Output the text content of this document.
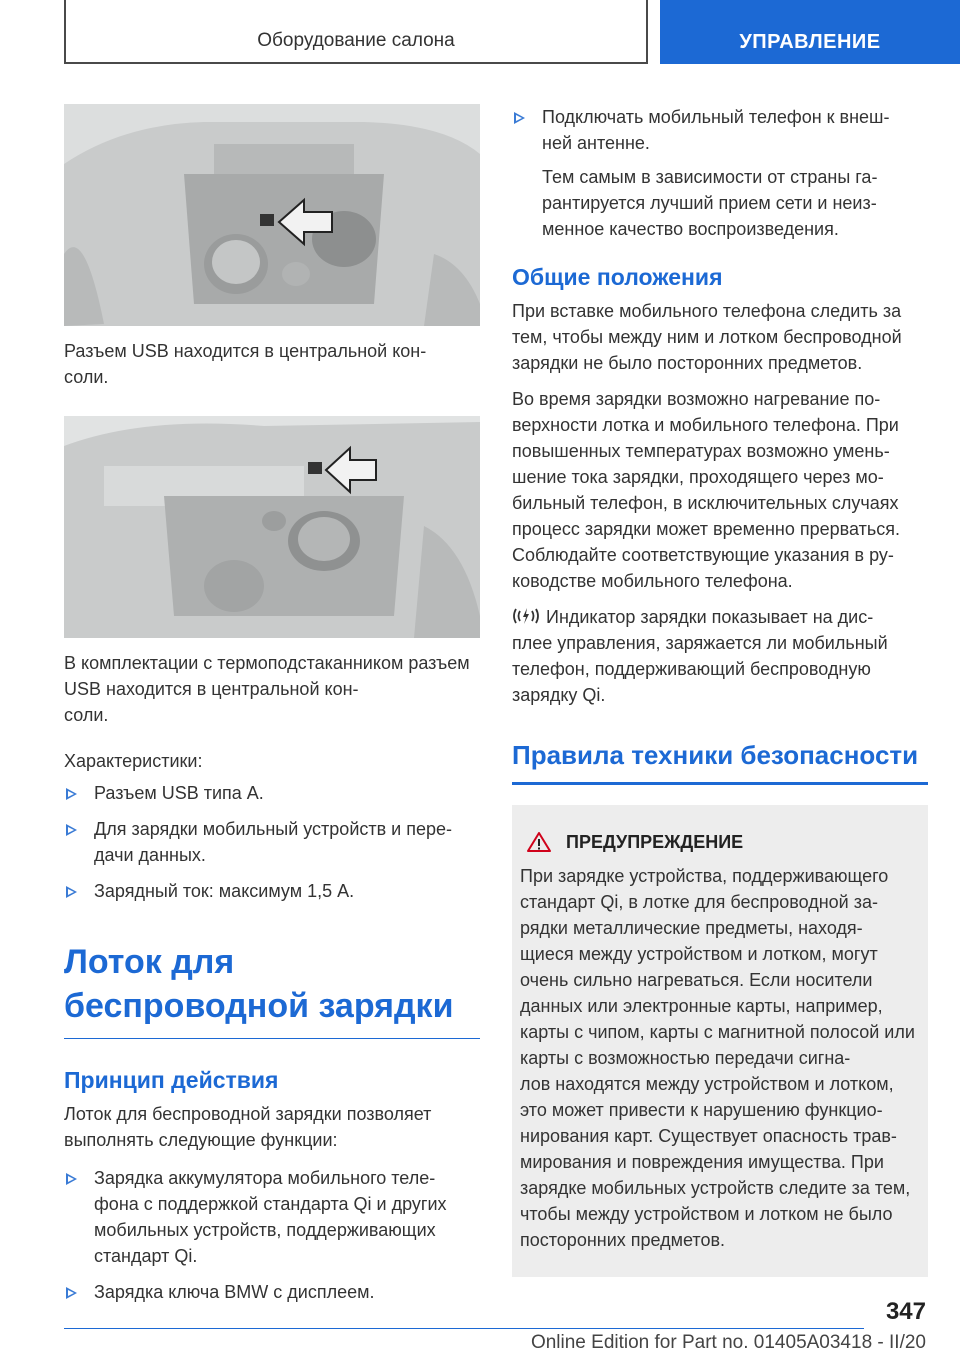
Оборудование салона	УПРАВЛЕНИЕ

Разъем USB находится в центральной кон-
соли.

В комплектации с термоподстаканником разъем USB находится в центральной кон-
соли.

Характеристики:

Разъем USB типа A.
Для зарядки мобильный устройств и пере-
дачи данных.
Зарядный ток: максимум 1,5 А.
Лоток для беспроводной зарядки
Принцип действия

Лоток для беспроводной зарядки позволяет выполнять следующие функции:

Зарядка аккумулятора мобильного теле-
фона с поддержкой стандарта Qi и других мобильных устройств, поддерживающих стандарт Qi.
Зарядка ключа BMW с дисплеем.
Подключать мобильный телефон к внеш-
ней антенне.
Тем самым в зависимости от страны га-
рантируется лучший прием сети и неиз-
менное качество воспроизведения.
Общие положения

При вставке мобильного телефона следить за тем, чтобы между ним и лотком беспроводной зарядки не было посторонних предметов.

Во время зарядки возможно нагревание по-
верхности лотка и мобильного телефона. При повышенных температурах возможно умень-
шение тока зарядки, проходящего через мо-
бильный телефон, в исключительных случаях процесс зарядки может временно прерваться. Соблюдайте соответствующие указания в ру-
ководстве мобильного телефона.

Индикатор зарядки показывает на дис-
плее управления, заряжается ли мобильный телефон, поддерживающий беспроводную зарядку Qi.

Правила техники безопасности
ПРЕДУПРЕЖДЕНИЕ

При зарядке устройства, поддерживающего стандарт Qi, в лотке для беспроводной за-
рядки металлические предметы, находя-
щиеся между устройством и лотком, могут очень сильно нагреваться. Если носители данных или электронные карты, например, карты с чипом, карты с магнитной полосой или карты с возможностью передачи сигна-
лов находятся между устройством и лотком, это может привести к нарушению функцио-
нирования карт. Существует опасность трав-
мирования и повреждения имущества. При зарядке мобильных устройств следите за тем, чтобы между устройством и лотком не было посторонних предметов.

347
Online Edition for Part no. 01405A03418 - II/20
